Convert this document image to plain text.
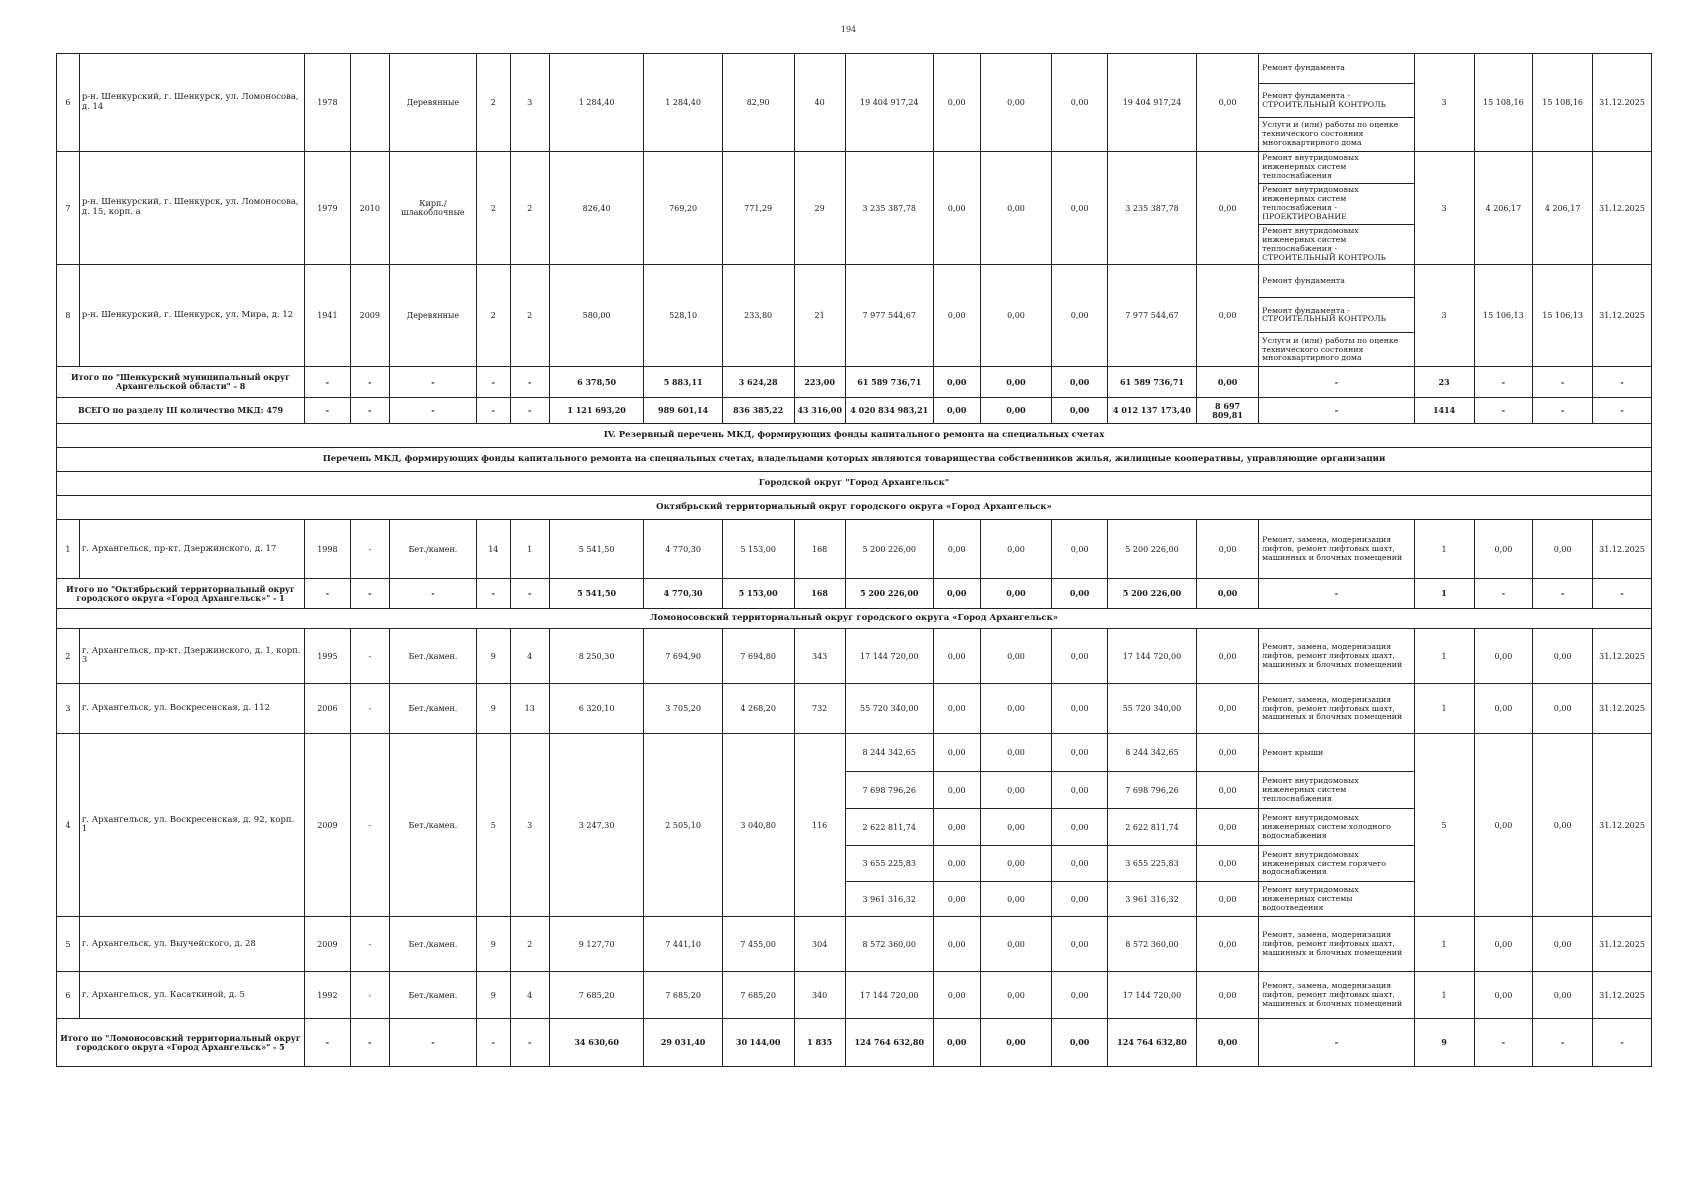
194
6	р-н. Шенкурский, г. Шенкурск, ул. Ломоносова, д. 14	1978		Деревянные	2	3	1 284,40	1 284,40	82,90	40	19 404 917,24	0,00	0,00	0,00	19 404 917,24	0,00	Ремонт фундамента	3	15 108,16	15 108,16	31.12.2025
																	Ремонт фундамента - СТРОИТЕЛЬНЫЙ КОНТРОЛЬ				
																	Услуги и (или) работы по оценке технического состояния многоквартирного дома				
7	р-н. Шенкурский, г. Шенкурск, ул. Ломоносова, д. 15, корп. а	1979	2010	Кирп./шлакоблочные	2	2	826,40	769,20	771,29	29	3 235 387,78	0,00	0,00	0,00	3 235 387,78	0,00	Ремонт внутридомовых инженерных систем теплоснабжения	3	4 206,17	4 206,17	31.12.2025
																	Ремонт внутридомовых инженерных систем теплоснабжения - ПРОЕКТИРОВАНИЕ				
																	Ремонт внутридомовых инженерных систем теплоснабжения - СТРОИТЕЛЬНЫЙ КОНТРОЛЬ				
8	р-н. Шенкурский, г. Шенкурск, ул. Мира, д. 12	1941	2009	Деревянные	2	2	580,00	528,10	233,80	21	7 977 544,67	0,00	0,00	0,00	7 977 544,67	0,00	Ремонт фундамента	3	15 106,13	15 106,13	31.12.2025
																	Ремонт фундамента - СТРОИТЕЛЬНЫЙ КОНТРОЛЬ				
																	Услуги и (или) работы по оценке технического состояния многоквартирного дома				
Итого по "Шенкурский муниципальный округ Архангельской области" - 8		-	-	-	-	-	6 378,50	5 883,11	3 624,28	223,00	61 589 736,71	0,00	0,00	0,00	61 589 736,71	0,00	-	23	-	-	-
ВСЕГО по разделу III количество МКД: 479		-	-	-	-	-	1 121 693,20	989 601,14	836 385,22	43 316,00	4 020 834 983,21	0,00	0,00	0,00	4 012 137 173,40	8 697 809,81	-	1414	-	-	-
IV. Резервный перечень МКД, формирующих фонды капитального ремонта на специальных счетах																					
Перечень МКД, формирующих фонды капитального ремонта на специальных счетах, владельцами которых являются товарищества собственников жилья, жилищные кооперативы, управляющие организации																					
Городской округ "Город Архангельск"																					
Октябрьский территориальный округ городского округа «Город Архангельск»																					
1	г. Архангельск, пр-кт. Дзержинского, д. 17	1998	-	Бет./камен.	14	1	5 541,50	4 770,30	5 153,00	168	5 200 226,00	0,00	0,00	0,00	5 200 226,00	0,00	Ремонт, замена, модернизация лифтов, ремонт лифтовых шахт, машинных и блочных помещений	1	0,00	0,00	31.12.2025
Итого по "Октябрьский территориальный округ городского округа «Город Архангельск»" - 1		-	-	-	-	-	5 541,50	4 770,30	5 153,00	168	5 200 226,00	0,00	0,00	0,00	5 200 226,00	0,00	-	1	-	-	-
Ломоносовский территориальный округ городского округа «Город Архангельск»																					
2	г. Архангельск, пр-кт. Дзержинского, д. 1, корп. 3	1995	-	Бет./камен.	9	4	8 250,30	7 694,90	7 694,80	343	17 144 720,00	0,00	0,00	0,00	17 144 720,00	0,00	Ремонт, замена, модернизация лифтов, ремонт лифтовых шахт, машинных и блочных помещений	1	0,00	0,00	31.12.2025
3	г. Архангельск, ул. Воскресенская, д. 112	2006	-	Бет./камен.	9	13	6 320,10	3 705,20	4 268,20	732	55 720 340,00	0,00	0,00	0,00	55 720 340,00	0,00	Ремонт, замена, модернизация лифтов, ремонт лифтовых шахт, машинных и блочных помещений	1	0,00	0,00	31.12.2025
4	г. Архангельск, ул. Воскресенская, д. 92, корп. 1	2009	-	Бет./камен.	5	3	3 247,30	2 505,10	3 040,80	116	8 244 342,65	0,00	0,00	0,00	8 244 342,65	0,00	Ремонт крыши	5	0,00	0,00	31.12.2025
											7 698 796,26	0,00	0,00	0,00	7 698 796,26	0,00	Ремонт внутридомовых инженерных систем теплоснабжения				
											2 622 811,74	0,00	0,00	0,00	2 622 811,74	0,00	Ремонт внутридомовых инженерных систем холодного водоснабжения				
											3 655 225,83	0,00	0,00	0,00	3 655 225,83	0,00	Ремонт внутридомовых инженерных систем горячего водоснабжения				
											3 961 316,32	0,00	0,00	0,00	3 961 316,32	0,00	Ремонт внутридомовых инженерных системы водоотведения				
5	г. Архангельск, ул. Выучейского, д. 28	2009	-	Бет./камен.	9	2	9 127,70	7 441,10	7 455,00	304	8 572 360,00	0,00	0,00	0,00	8 572 360,00	0,00	Ремонт, замена, модернизация лифтов, ремонт лифтовых шахт, машинных и блочных помещений	1	0,00	0,00	31.12.2025
6	г. Архангельск, ул. Касаткиной, д. 5	1992	-	Бет./камен.	9	4	7 685,20	7 685,20	7 685,20	340	17 144 720,00	0,00	0,00	0,00	17 144 720,00	0,00	Ремонт, замена, модернизация лифтов, ремонт лифтовых шахт, машинных и блочных помещений	1	0,00	0,00	31.12.2025
Итого по "Ломоносовский территориальный округ городского округа «Город Архангельск»" - 5		-	-	-	-	-	34 630,60	29 031,40	30 144,00	1 835	124 764 632,80	0,00	0,00	0,00	124 764 632,80	0,00	-	9	-	-	-
